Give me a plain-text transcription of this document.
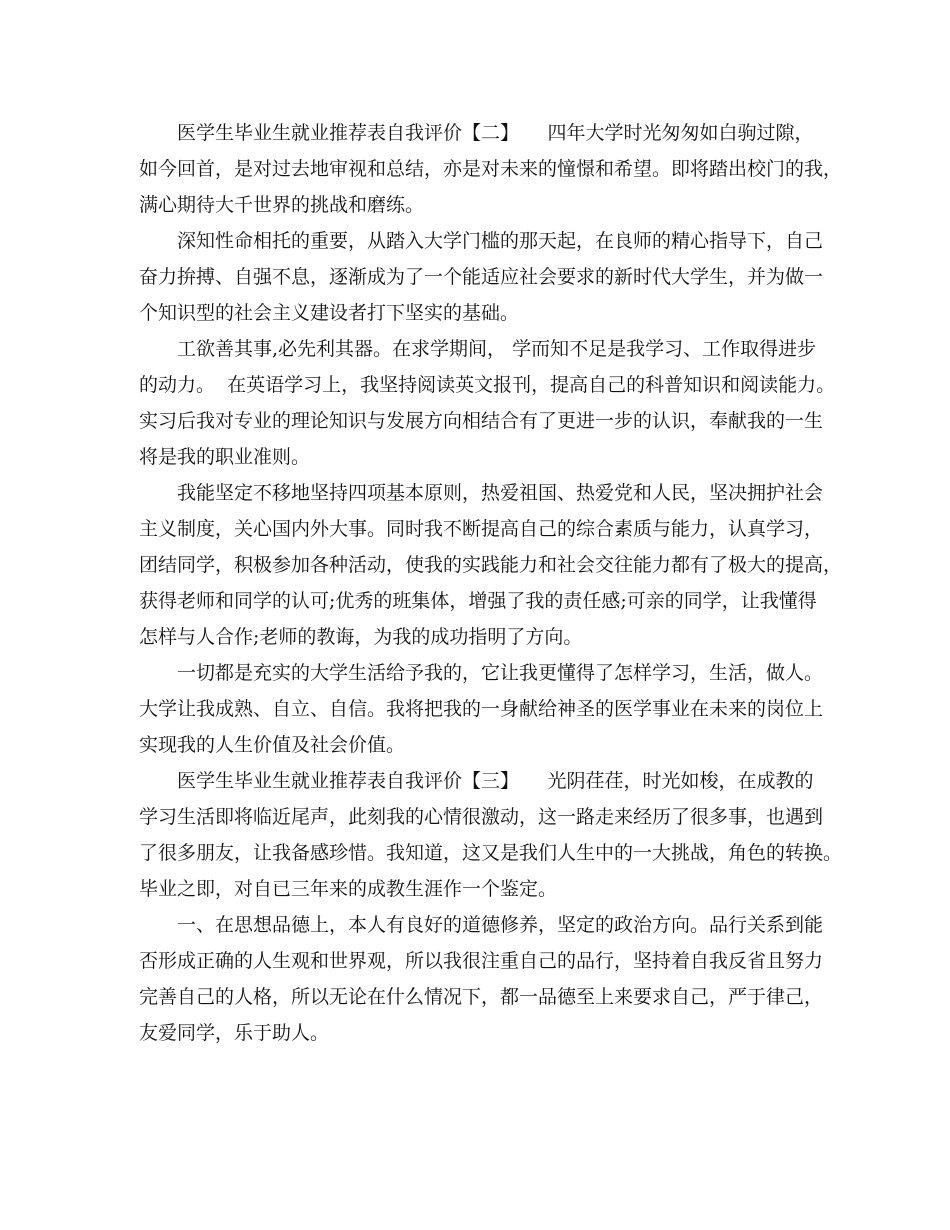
医学生毕业生就业推荐表自我评价【二】　　四年大学时光匆匆如白驹过隙，
如今回首，是对过去地审视和总结，亦是对未来的憧憬和希望。即将踏出校门的我，
满心期待大千世界的挑战和磨练。
深知性命相托的重要，从踏入大学门槛的那天起，在良师的精心指导下，自己
奋力拚搏、自强不息，逐渐成为了一个能适应社会要求的新时代大学生，并为做一
个知识型的社会主义建设者打下坚实的基础。
工欲善其事,必先利其器。在求学期间， 学而知不足是我学习、工作取得进步
的动力。  在英语学习上，我坚持阅读英文报刊，提高自己的科普知识和阅读能力。
实习后我对专业的理论知识与发展方向相结合有了更进一步的认识，奉献我的一生
将是我的职业准则。
我能坚定不移地坚持四项基本原则，热爱祖国、热爱党和人民，坚决拥护社会
主义制度，关心国内外大事。同时我不断提高自己的综合素质与能力，认真学习，
团结同学，积极参加各种活动，使我的实践能力和社会交往能力都有了极大的提高，
获得老师和同学的认可;优秀的班集体，增强了我的责任感;可亲的同学，让我懂得
怎样与人合作;老师的教诲，为我的成功指明了方向。
一切都是充实的大学生活给予我的，它让我更懂得了怎样学习，生活，做人。
大学让我成熟、自立、自信。我将把我的一身献给神圣的医学事业在未来的岗位上
实现我的人生价值及社会价值。
医学生毕业生就业推荐表自我评价【三】　　光阴荏荏，时光如梭，在成教的
学习生活即将临近尾声，此刻我的心情很激动，这一路走来经历了很多事，也遇到
了很多朋友，让我备感珍惜。我知道，这又是我们人生中的一大挑战，角色的转换。
毕业之即，对自已三年来的成教生涯作一个鉴定。
一、在思想品德上，本人有良好的道德修养，坚定的政治方向。品行关系到能
否形成正确的人生观和世界观，所以我很注重自己的品行，坚持着自我反省且努力
完善自己的人格，所以无论在什么情况下，都一品德至上来要求自己，严于律己，
友爱同学，乐于助人。
